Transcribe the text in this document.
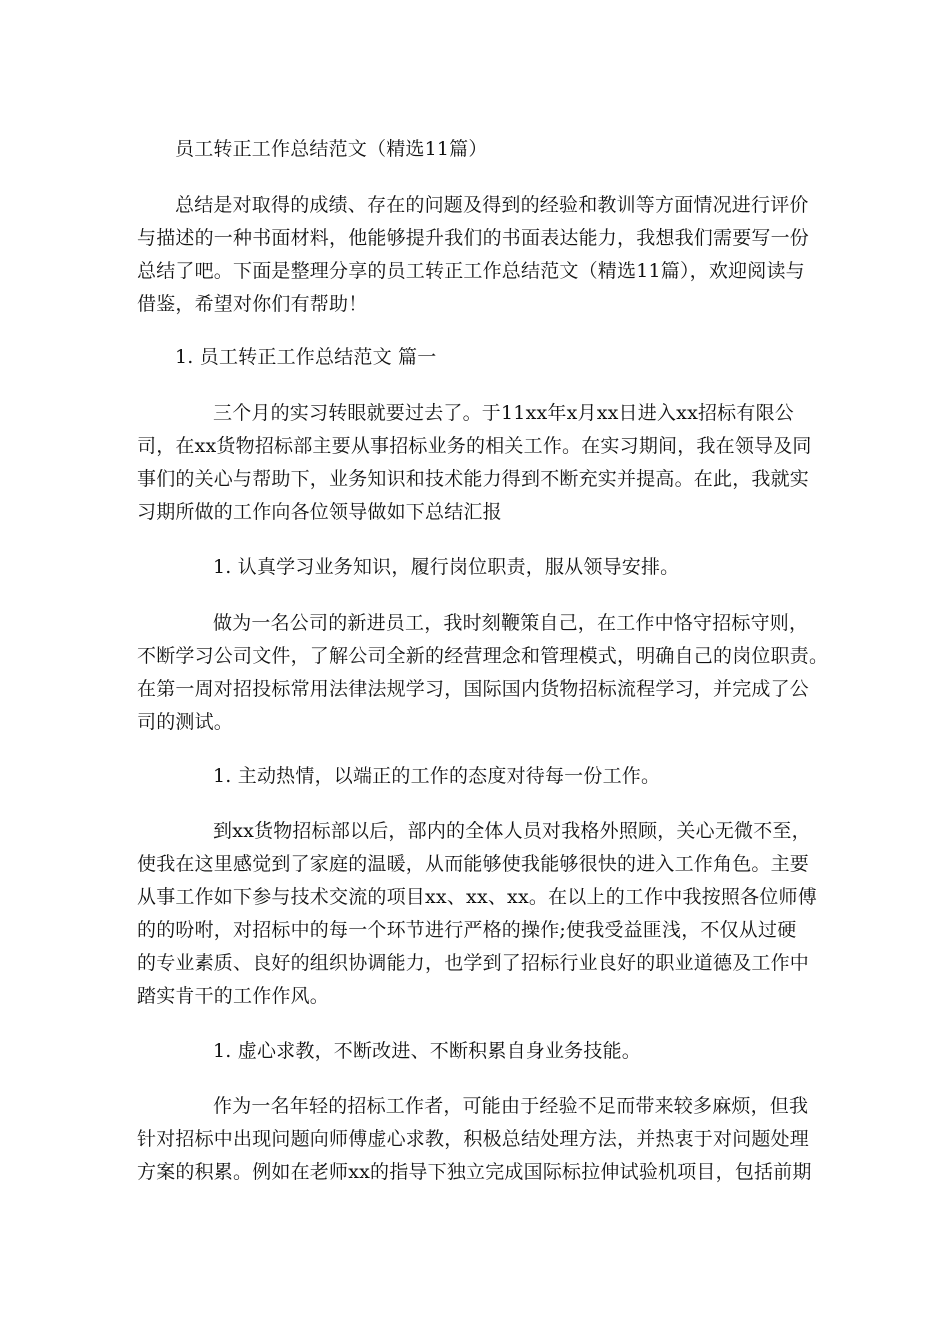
员工转正工作总结范文（精选11篇）
总结是对取得的成绩、存在的问题及得到的经验和教训等方面情况进行评价
与描述的一种书面材料，他能够提升我们的书面表达能力，我想我们需要写一份
总结了吧。下面是整理分享的员工转正工作总结范文（精选11篇），欢迎阅读与
借鉴，希望对你们有帮助！
1. 员工转正工作总结范文 篇一
三个月的实习转眼就要过去了。于11xx年x月xx日进入xx招标有限公
司，在xx货物招标部主要从事招标业务的相关工作。在实习期间，我在领导及同
事们的关心与帮助下，业务知识和技术能力得到不断充实并提高。在此，我就实
习期所做的工作向各位领导做如下总结汇报
1. 认真学习业务知识，履行岗位职责，服从领导安排。
做为一名公司的新进员工，我时刻鞭策自己，在工作中恪守招标守则，
不断学习公司文件，了解公司全新的经营理念和管理模式，明确自己的岗位职责。
在第一周对招投标常用法律法规学习，国际国内货物招标流程学习，并完成了公
司的测试。
1. 主动热情，以端正的工作的态度对待每一份工作。
到xx货物招标部以后，部内的全体人员对我格外照顾，关心无微不至，
使我在这里感觉到了家庭的温暖，从而能够使我能够很快的进入工作角色。主要
从事工作如下参与技术交流的项目xx、xx、xx。在以上的工作中我按照各位师傅
的的吩咐，对招标中的每一个环节进行严格的操作;使我受益匪浅，不仅从过硬
的专业素质、良好的组织协调能力，也学到了招标行业良好的职业道德及工作中
踏实肯干的工作作风。
1. 虚心求教，不断改进、不断积累自身业务技能。
作为一名年轻的招标工作者，可能由于经验不足而带来较多麻烦，但我
针对招标中出现问题向师傅虚心求教，积极总结处理方法，并热衷于对问题处理
方案的积累。例如在老师xx的指导下独立完成国际标拉伸试验机项目，包括前期
